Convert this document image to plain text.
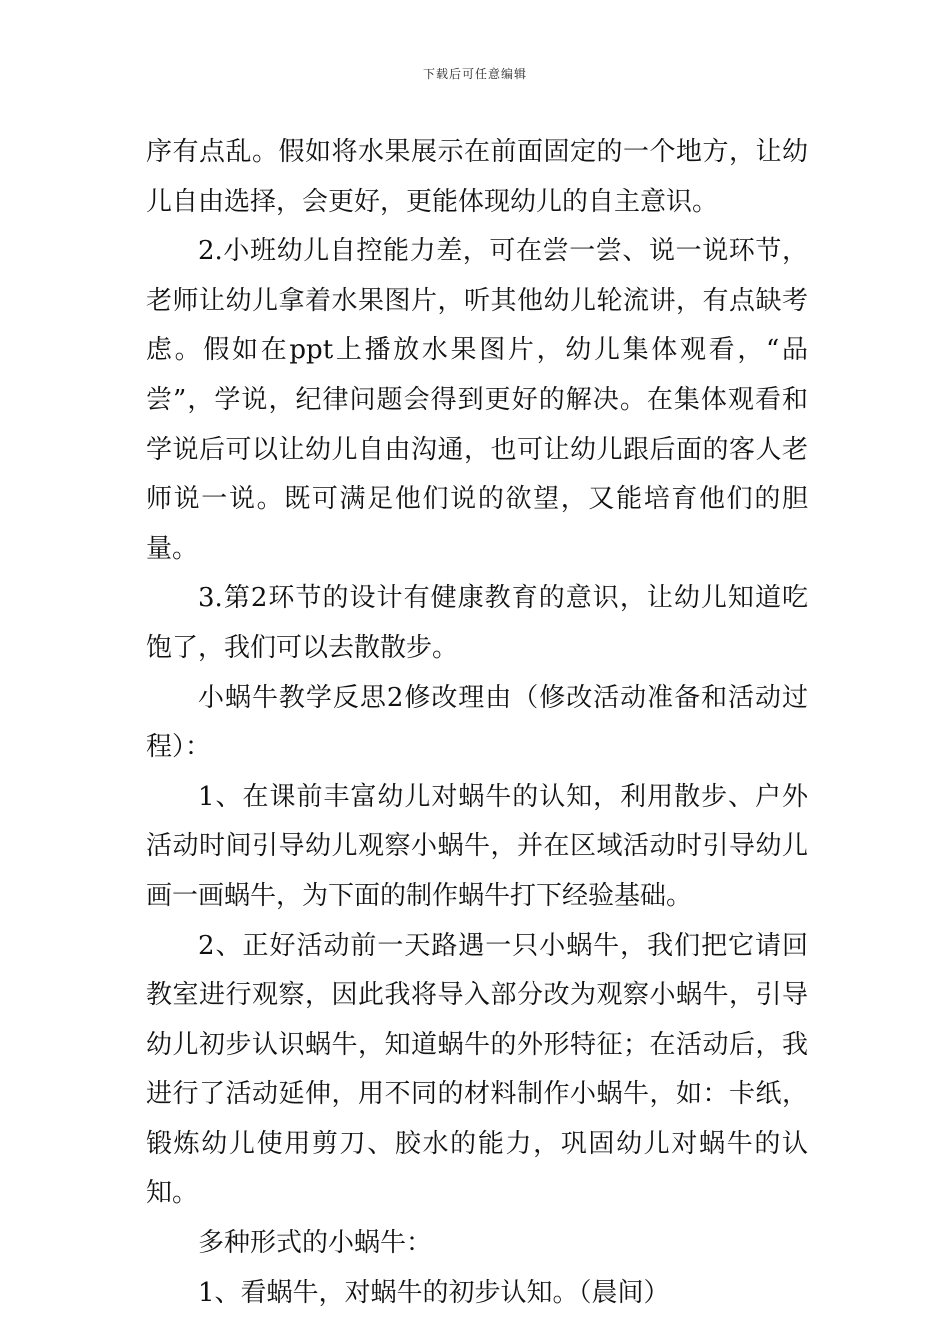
下载后可任意编辑

序有点乱。假如将水果展示在前面固定的一个地方，让幼儿自由选择，会更好，更能体现幼儿的自主意识。

2.小班幼儿自控能力差，可在尝一尝、说一说环节，老师让幼儿拿着水果图片，听其他幼儿轮流讲，有点缺考虑。假如在ppt上播放水果图片，幼儿集体观看，“品尝”，学说，纪律问题会得到更好的解决。在集体观看和学说后可以让幼儿自由沟通，也可让幼儿跟后面的客人老师说一说。既可满足他们说的欲望，又能培育他们的胆量。

3.第2环节的设计有健康教育的意识，让幼儿知道吃饱了，我们可以去散散步。

小蜗牛教学反思2修改理由（修改活动准备和活动过程）：

1、在课前丰富幼儿对蜗牛的认知，利用散步、户外活动时间引导幼儿观察小蜗牛，并在区域活动时引导幼儿画一画蜗牛，为下面的制作蜗牛打下经验基础。

2、正好活动前一天路遇一只小蜗牛，我们把它请回教室进行观察，因此我将导入部分改为观察小蜗牛，引导幼儿初步认识蜗牛，知道蜗牛的外形特征；在活动后，我进行了活动延伸，用不同的材料制作小蜗牛，如：卡纸，锻炼幼儿使用剪刀、胶水的能力，巩固幼儿对蜗牛的认知。

多种形式的小蜗牛：

1、看蜗牛，对蜗牛的初步认知。（晨间）
